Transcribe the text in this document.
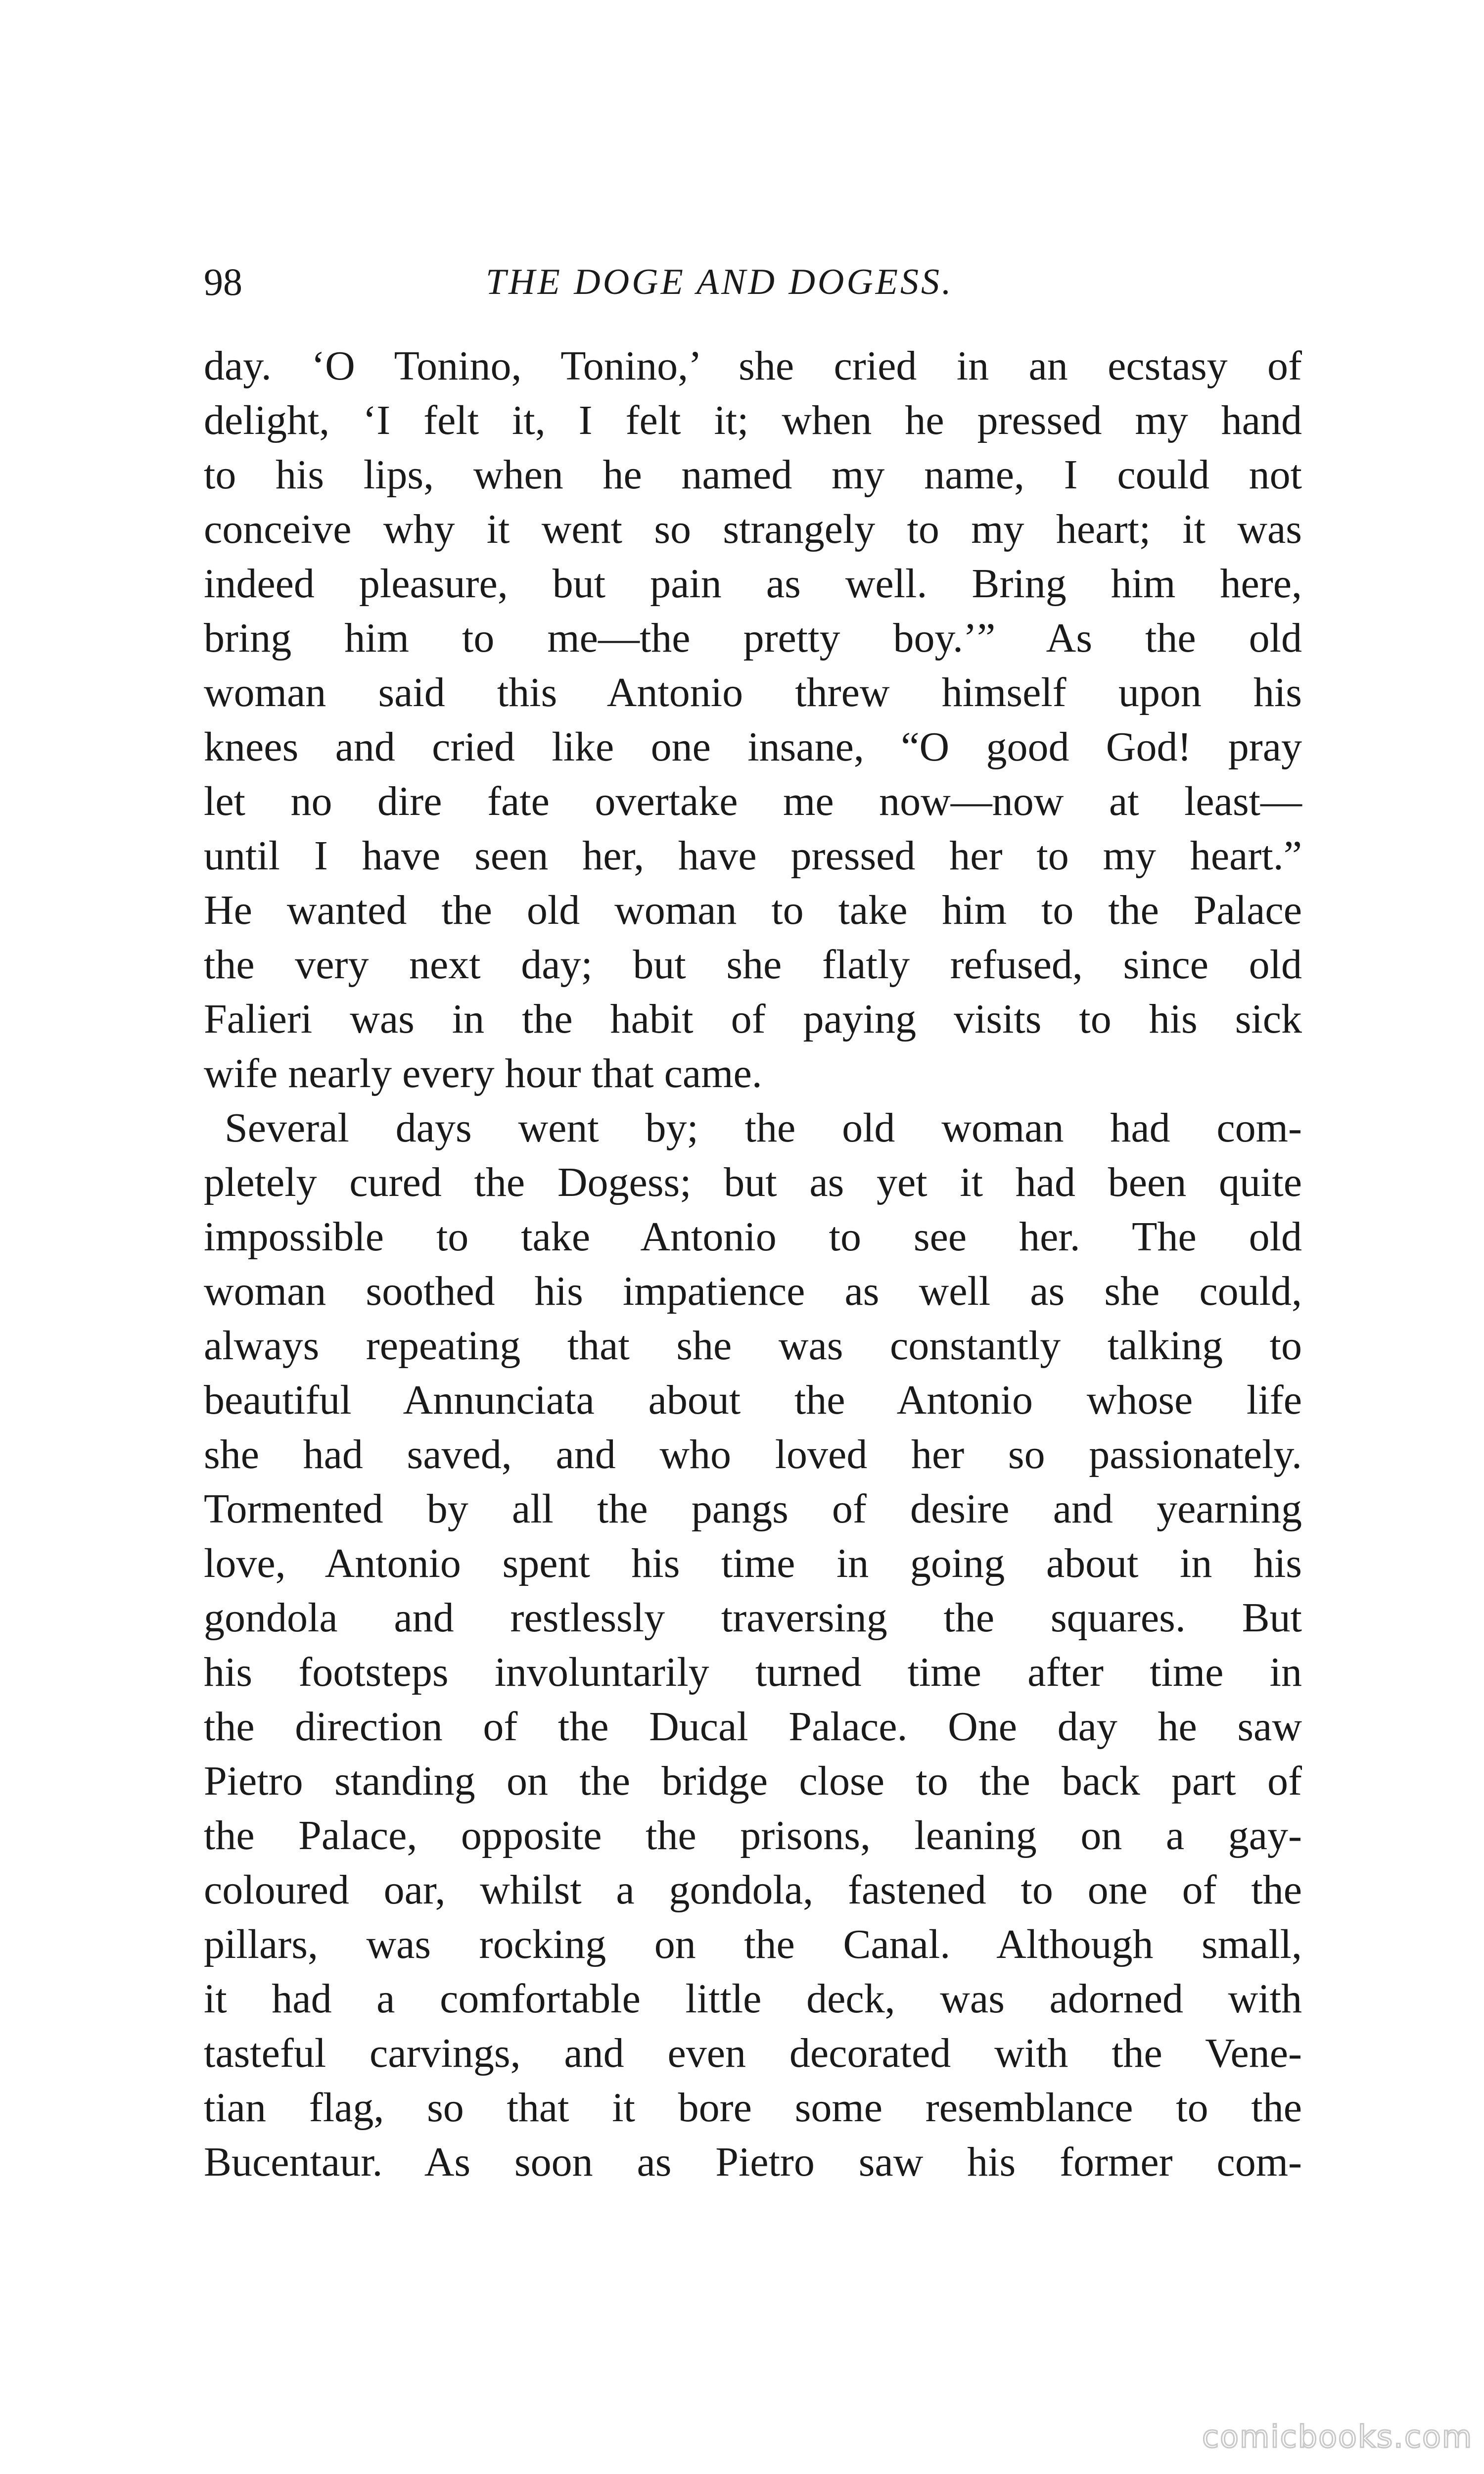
98	THE DOGE AND DOGESS.
day. ‘O Tonino, Tonino,’ she cried in an ecstasy of
delight, ‘I felt it, I felt it; when he pressed my hand
to his lips, when he named my name, I could not
conceive why it went so strangely to my heart; it was
indeed pleasure, but pain as well. Bring him here,
bring him to me—the pretty boy.’” As the old
woman said this Antonio threw himself upon his
knees and cried like one insane, “O good God! pray
let no dire fate overtake me now—now at least—
until I have seen her, have pressed her to my heart.”
He wanted the old woman to take him to the Palace
the very next day; but she flatly refused, since old
Falieri was in the habit of paying visits to his sick
wife nearly every hour that came.
Several days went by; the old woman had com-
pletely cured the Dogess; but as yet it had been quite
impossible to take Antonio to see her. The old
woman soothed his impatience as well as she could,
always repeating that she was constantly talking to
beautiful Annunciata about the Antonio whose life
she had saved, and who loved her so passionately.
Tormented by all the pangs of desire and yearning
love, Antonio spent his time in going about in his
gondola and restlessly traversing the squares. But
his footsteps involuntarily turned time after time in
the direction of the Ducal Palace. One day he saw
Pietro standing on the bridge close to the back part of
the Palace, opposite the prisons, leaning on a gay-
coloured oar, whilst a gondola, fastened to one of the
pillars, was rocking on the Canal. Although small,
it had a comfortable little deck, was adorned with
tasteful carvings, and even decorated with the Vene-
tian flag, so that it bore some resemblance to the
Bucentaur. As soon as Pietro saw his former com-
comicbooks.com
